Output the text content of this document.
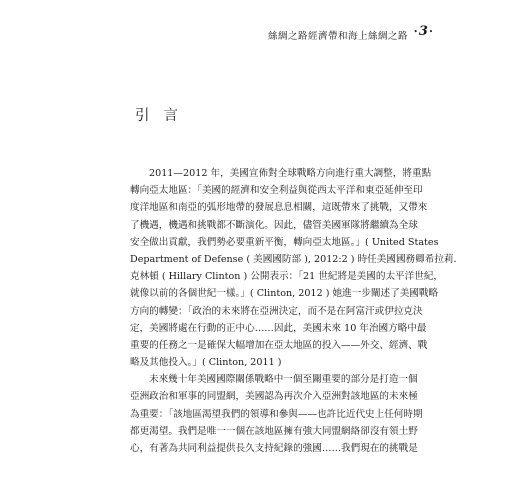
絲綢之路經濟帶和海上絲綢之路 •3•
引言
2011—2012 年，美國宣佈對全球戰略方向進行重大調整，將重點
轉向亞太地區：「美國的經濟和安全利益與從西太平洋和東亞延伸至印
度洋地區和南亞的弧形地帶的發展息息相關，這既帶來了挑戰，又帶來
了機遇，機遇和挑戰都不斷演化。因此，儘管美國軍隊將繼續為全球
安全做出貢獻，我們勢必要重新平衡，轉向亞太地區。」( United States
Department of Defense ( 美國國防部 ), 2012:2 ) 時任美國國務卿希拉莉．
克林頓 ( Hillary Clinton ) 公開表示：「21 世紀將是美國的太平洋世紀，
就像以前的各個世紀一樣。」( Clinton, 2012 ) 她進一步闡述了美國戰略
方向的轉變：「政治的未來將在亞洲決定，而不是在阿富汗或伊拉克決
定，美國將處在行動的正中心……因此，美國未來 10 年治國方略中最
重要的任務之一是確保大幅增加在亞太地區的投入——外交、經濟、戰
略及其他投入。」( Clinton, 2011 )
未來幾十年美國國際關係戰略中一個至關重要的部分是打造一個
亞洲政治和軍事的同盟網，美國認為再次介入亞洲對該地區的未來極
為重要：「該地區渴望我們的領導和參與——也許比近代史上任何時期
都更渴望。我們是唯一一個在該地區擁有強大同盟網絡卻沒有領土野
心，有著為共同利益提供長久支持紀錄的強國……我們現在的挑戰是
